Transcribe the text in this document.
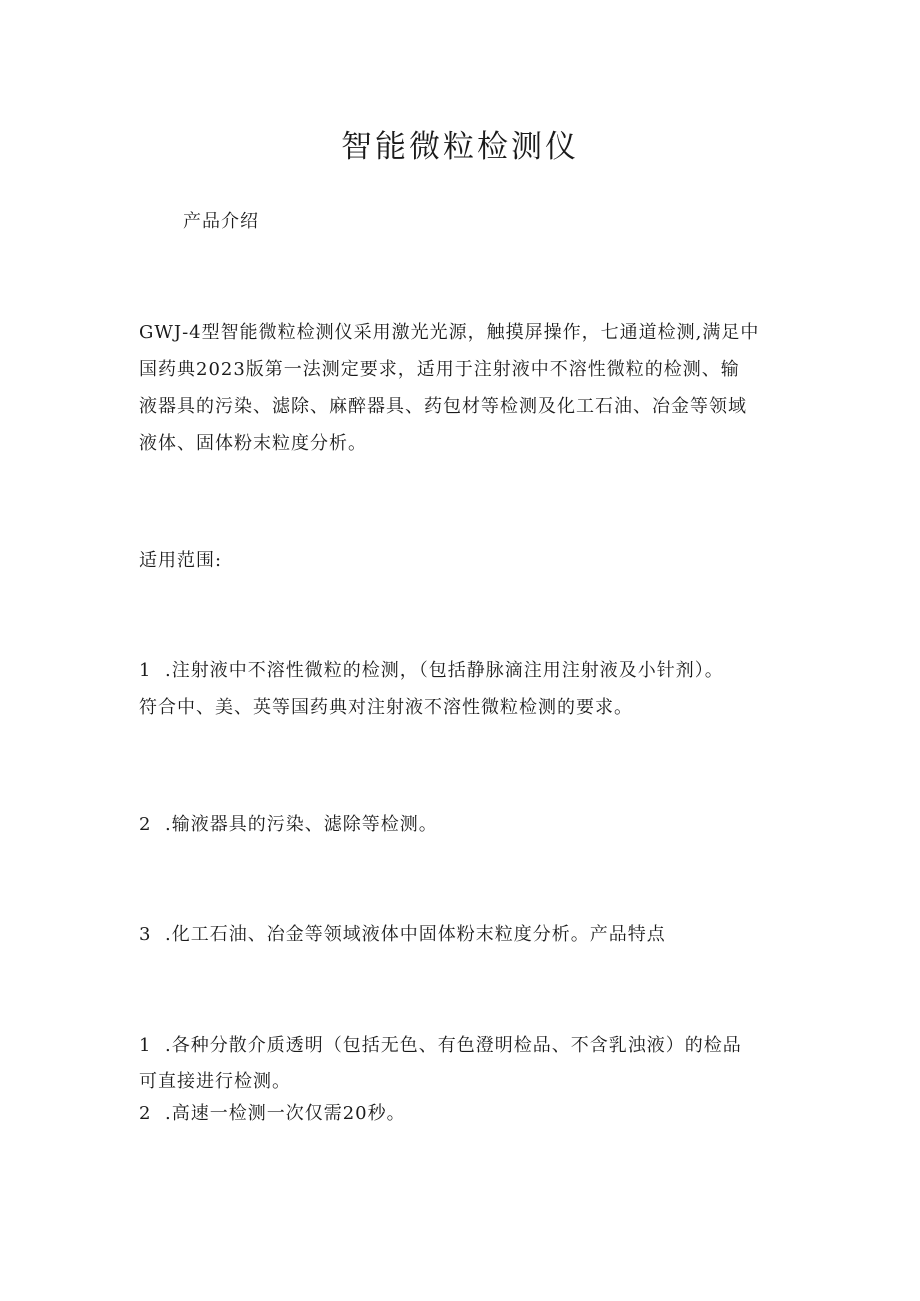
智能微粒检测仪
产品介绍
GWJ-4型智能微粒检测仪采用激光光源，触摸屏操作，七通道检测,满足中
国药典2023版第一法测定要求，适用于注射液中不溶性微粒的检测、输
液器具的污染、滤除、麻醉器具、药包材等检测及化工石油、冶金等领域
液体、固体粉末粒度分析。
适用范围:
1 .注射液中不溶性微粒的检测，（包括静脉滴注用注射液及小针剂）。
符合中、美、英等国药典对注射液不溶性微粒检测的要求。
2 .输液器具的污染、滤除等检测。
3 .化工石油、冶金等领域液体中固体粉末粒度分析。产品特点
1 .各种分散介质透明（包括无色、有色澄明检品、不含乳浊液）的检品
可直接进行检测。
2 .高速一检测一次仅需20秒。
